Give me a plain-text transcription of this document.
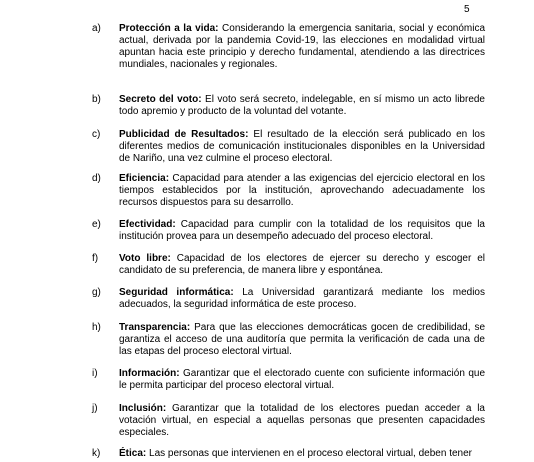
5
a) Protección a la vida: Considerando la emergencia sanitaria, social y económica actual, derivada por la pandemia Covid-19, las elecciones en modalidad virtual apuntan hacia este principio y derecho fundamental, atendiendo a las directrices mundiales, nacionales y regionales.
b) Secreto del voto: El voto será secreto, indelegable, en sí mismo un acto librede todo apremio y producto de la voluntad del votante.
c) Publicidad de Resultados: El resultado de la elección será publicado en los diferentes medios de comunicación institucionales disponibles en la Universidad de Nariño, una vez culmine el proceso electoral.
d) Eficiencia: Capacidad para atender a las exigencias del ejercicio electoral en los tiempos establecidos por la institución, aprovechando adecuadamente los recursos dispuestos para su desarrollo.
e) Efectividad: Capacidad para cumplir con la totalidad de los requisitos que la institución provea para un desempeño adecuado del proceso electoral.
f) Voto libre: Capacidad de los electores de ejercer su derecho y escoger el candidato de su preferencia, de manera libre y espontánea.
g) Seguridad informática: La Universidad garantizará mediante los medios adecuados, la seguridad informática de este proceso.
h) Transparencia: Para que las elecciones democráticas gocen de credibilidad, se garantiza el acceso de una auditoría que permita la verificación de cada una de las etapas del proceso electoral virtual.
i) Información: Garantizar que el electorado cuente con suficiente información que le permita participar del proceso electoral virtual.
j) Inclusión: Garantizar que la totalidad de los electores puedan acceder a la votación virtual, en especial a aquellas personas que presenten capacidades especiales.
k) Ética: Las personas que intervienen en el proceso electoral virtual, deben tener
